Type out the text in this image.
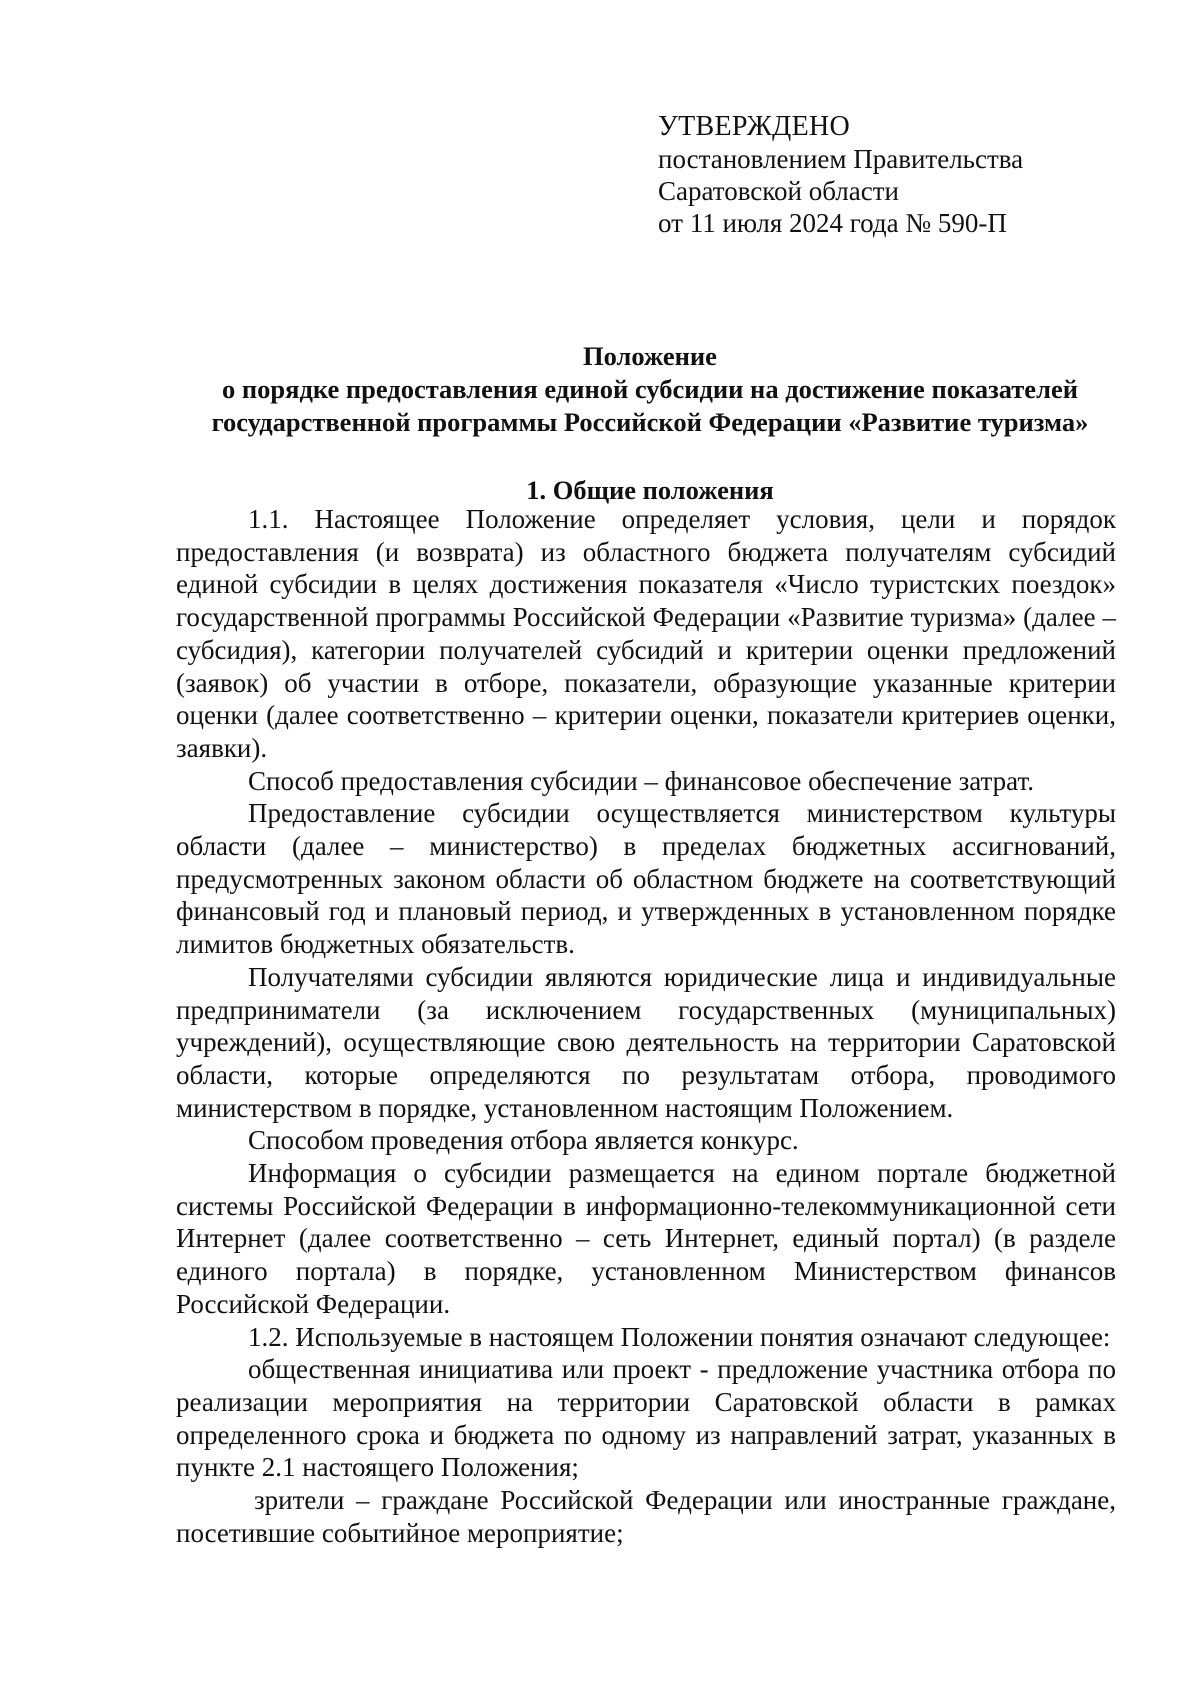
УТВЕРЖДЕНО
постановлением Правительства
Саратовской области
от 11 июля 2024 года № 590-П
Положение
о порядке предоставления единой субсидии на достижение показателей
государственной программы Российской Федерации «Развитие туризма»
1. Общие положения

1.1. Настоящее Положение определяет условия, цели и порядок предоставления (и возврата) из областного бюджета получателям субсидий единой субсидии в целях достижения показателя «Число туристских поездок» государственной программы Российской Федерации «Развитие туризма» (далее – субсидия), категории получателей субсидий и критерии оценки предложений (заявок) об участии в отборе, показатели, образующие указанные критерии оценки (далее соответственно – критерии оценки, показатели критериев оценки, заявки).

Способ предоставления субсидии – финансовое обеспечение затрат.

Предоставление субсидии осуществляется министерством культуры области (далее – министерство) в пределах бюджетных ассигнований, предусмотренных законом области об областном бюджете на соответствующий финансовый год и плановый период, и утвержденных в установленном порядке лимитов бюджетных обязательств.

Получателями субсидии являются юридические лица и индивидуальные предприниматели (за исключением государственных (муниципальных) учреждений), осуществляющие свою деятельность на территории Саратовской области, которые определяются по результатам отбора, проводимого министерством в порядке, установленном настоящим Положением.

Способом проведения отбора является конкурс.

Информация о субсидии размещается на едином портале бюджетной системы Российской Федерации в информационно-телекоммуникационной сети Интернет (далее соответственно – сеть Интернет, единый портал) (в разделе единого портала) в порядке, установленном Министерством финансов Российской Федерации.

1.2. Используемые в настоящем Положении понятия означают следующее:

общественная инициатива или проект - предложение участника отбора по реализации мероприятия на территории Саратовской области в рамках определенного срока и бюджета по одному из направлений затрат, указанных в пункте 2.1 настоящего Положения;

зрители – граждане Российской Федерации или иностранные граждане, посетившие событийное мероприятие;
